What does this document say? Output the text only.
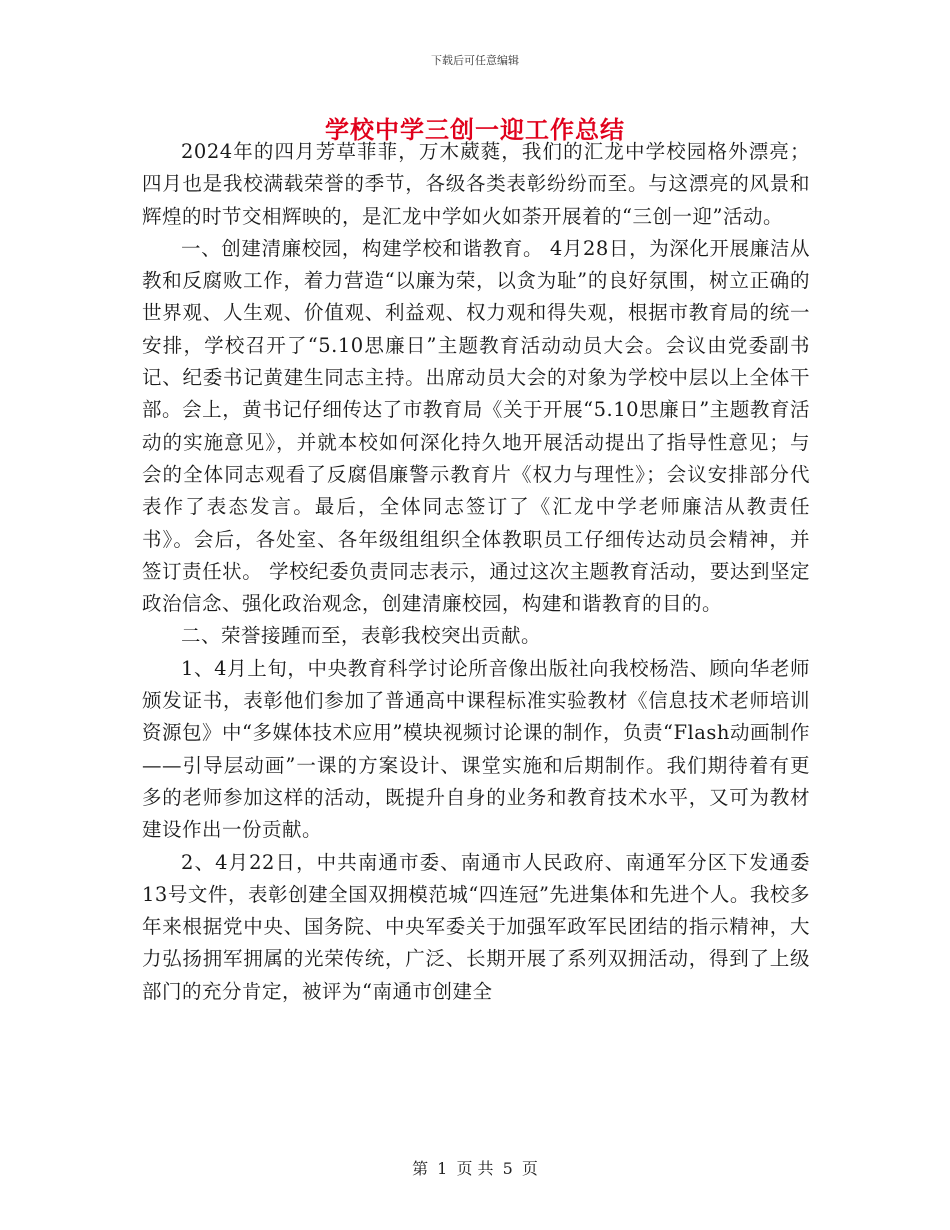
下载后可任意编辑
学校中学三创一迎工作总结

2024年的四月芳草菲菲，万木葳蕤，我们的汇龙中学校园格外漂亮；四月也是我校满载荣誉的季节，各级各类表彰纷纷而至。与这漂亮的风景和辉煌的时节交相辉映的，是汇龙中学如火如荼开展着的“三创一迎”活动。

一、创建清廉校园，构建学校和谐教育。 4月28日，为深化开展廉洁从教和反腐败工作，着力营造“以廉为荣，以贪为耻”的良好氛围，树立正确的世界观、人生观、价值观、利益观、权力观和得失观，根据市教育局的统一安排，学校召开了“5.10思廉日”主题教育活动动员大会。会议由党委副书记、纪委书记黄建生同志主持。出席动员大会的对象为学校中层以上全体干部。会上，黄书记仔细传达了市教育局《关于开展“5.10思廉日”主题教育活动的实施意见》，并就本校如何深化持久地开展活动提出了指导性意见；与会的全体同志观看了反腐倡廉警示教育片《权力与理性》；会议安排部分代表作了表态发言。最后，全体同志签订了《汇龙中学老师廉洁从教责任书》。会后，各处室、各年级组组织全体教职员工仔细传达动员会精神，并签订责任状。 学校纪委负责同志表示，通过这次主题教育活动，要达到坚定政治信念、强化政治观念，创建清廉校园，构建和谐教育的目的。

二、荣誉接踵而至，表彰我校突出贡献。

1、4月上旬，中央教育科学讨论所音像出版社向我校杨浩、顾向华老师颁发证书，表彰他们参加了普通高中课程标准实验教材《信息技术老师培训资源包》中“多媒体技术应用”模块视频讨论课的制作，负责“Flash动画制作——引导层动画”一课的方案设计、课堂实施和后期制作。我们期待着有更多的老师参加这样的活动，既提升自身的业务和教育技术水平，又可为教材建设作出一份贡献。

2、4月22日，中共南通市委、南通市人民政府、南通军分区下发通委13号文件，表彰创建全国双拥模范城“四连冠”先进集体和先进个人。我校多年来根据党中央、国务院、中央军委关于加强军政军民团结的指示精神，大力弘扬拥军拥属的光荣传统，广泛、长期开展了系列双拥活动，得到了上级部门的充分肯定，被评为“南通市创建全

第 1 页 共 5 页
